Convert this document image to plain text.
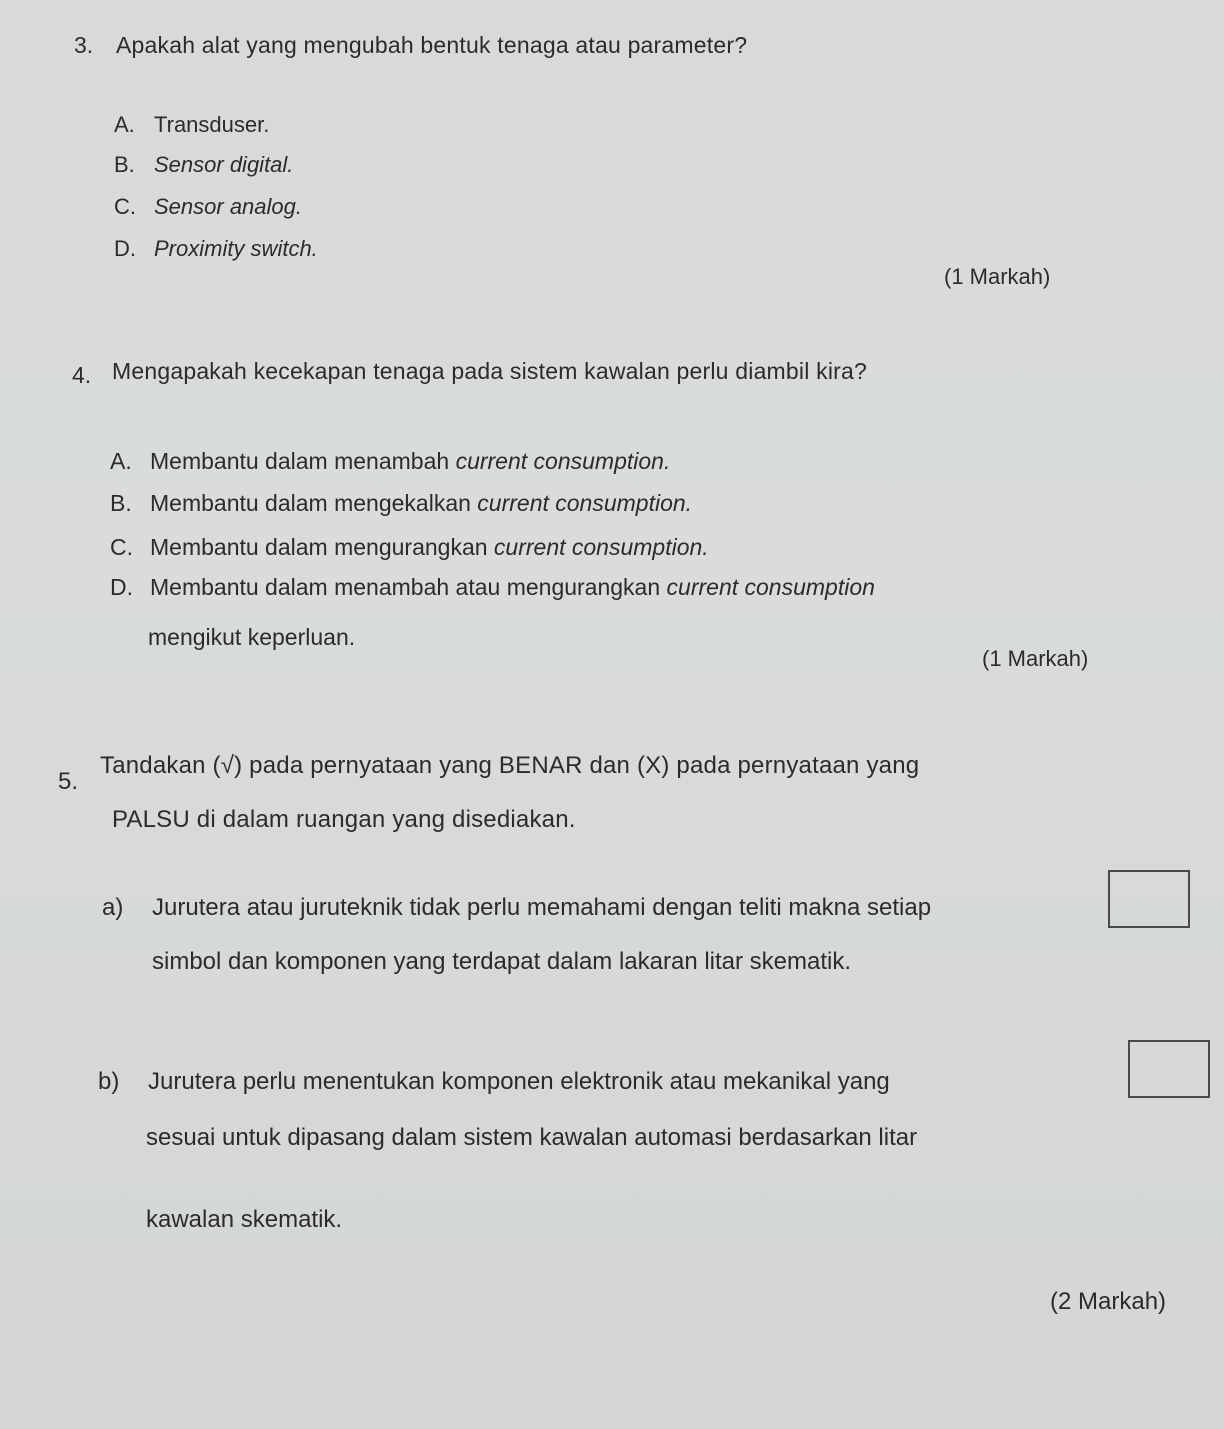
3. Apakah alat yang mengubah bentuk tenaga atau parameter?
A. Transduser.
B. Sensor digital.
C. Sensor analog.
D. Proximity switch.
(1 Markah)
4. Mengapakah kecekapan tenaga pada sistem kawalan perlu diambil kira?
A. Membantu dalam menambah current consumption.
B. Membantu dalam mengekalkan current consumption.
C. Membantu dalam mengurangkan current consumption.
D. Membantu dalam menambah atau mengurangkan current consumption
mengikut keperluan.
(1 Markah)
5.
Tandakan (√) pada pernyataan yang BENAR dan (X) pada pernyataan yang
PALSU di dalam ruangan yang disediakan.
a) Jurutera atau juruteknik tidak perlu memahami dengan teliti makna setiap
simbol dan komponen yang terdapat dalam lakaran litar skematik.
b) Jurutera perlu menentukan komponen elektronik atau mekanikal yang
sesuai untuk dipasang dalam sistem kawalan automasi berdasarkan litar
kawalan skematik.
(2 Markah)
